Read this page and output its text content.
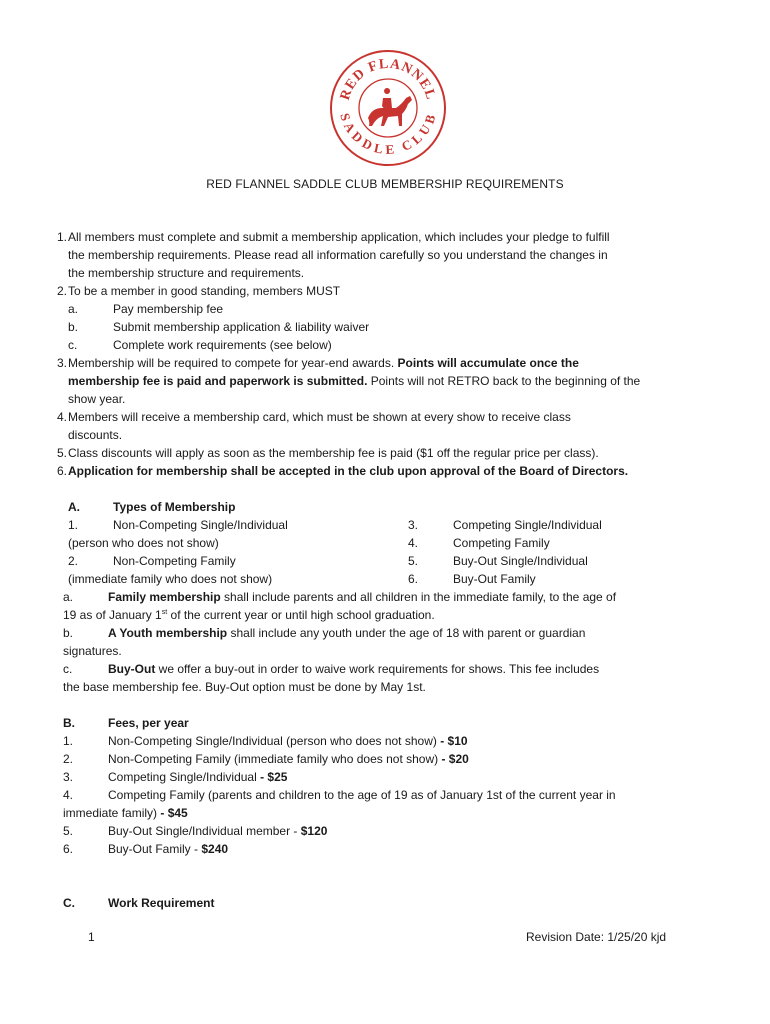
RED FLANNEL
SADDLE CLUB
RED FLANNEL SADDLE CLUB MEMBERSHIP REQUIREMENTS
1. All members must complete and submit a membership application, which includes your pledge to fulfill
the membership requirements. Please read all information carefully so you understand the changes in
the membership structure and requirements.
2. To be a member in good standing, members MUST
a.	Pay membership fee
b.	Submit membership application & liability waiver
c.	Complete work requirements (see below)
3. Membership will be required to compete for year-end awards. Points will accumulate once the
membership fee is paid and paperwork is submitted. Points will not RETRO back to the beginning of the
show year.
4. Members will receive a membership card, which must be shown at every show to receive class
discounts.
5. Class discounts will apply as soon as the membership fee is paid ($1 off the regular price per class).
6. Application for membership shall be accepted in the club upon approval of the Board of Directors.
A.	Types of Membership
1.	Non-Competing Single/Individual	3.	Competing Single/Individual
(person who does not show)	4.	Competing Family
2.	Non-Competing Family	5.	Buy-Out Single/Individual
(immediate family who does not show)	6.	Buy-Out Family
a.	Family membership shall include parents and all children in the immediate family, to the age of
19 as of January 1st of the current year or until high school graduation.
b.	A Youth membership shall include any youth under the age of 18 with parent or guardian
signatures.
c.	Buy-Out we offer a buy-out in order to waive work requirements for shows. This fee includes
the base membership fee. Buy-Out option must be done by May 1st.
B.	Fees, per year
1.	Non-Competing Single/Individual (person who does not show) - $10
2.	Non-Competing Family (immediate family who does not show) - $20
3.	Competing Single/Individual - $25
4.	Competing Family (parents and children to the age of 19 as of January 1st of the current year in
immediate family) - $45
5.	Buy-Out Single/Individual member - $120
6.	Buy-Out Family - $240
C.	Work Requirement
1	Revision Date: 1/25/20 kjd
